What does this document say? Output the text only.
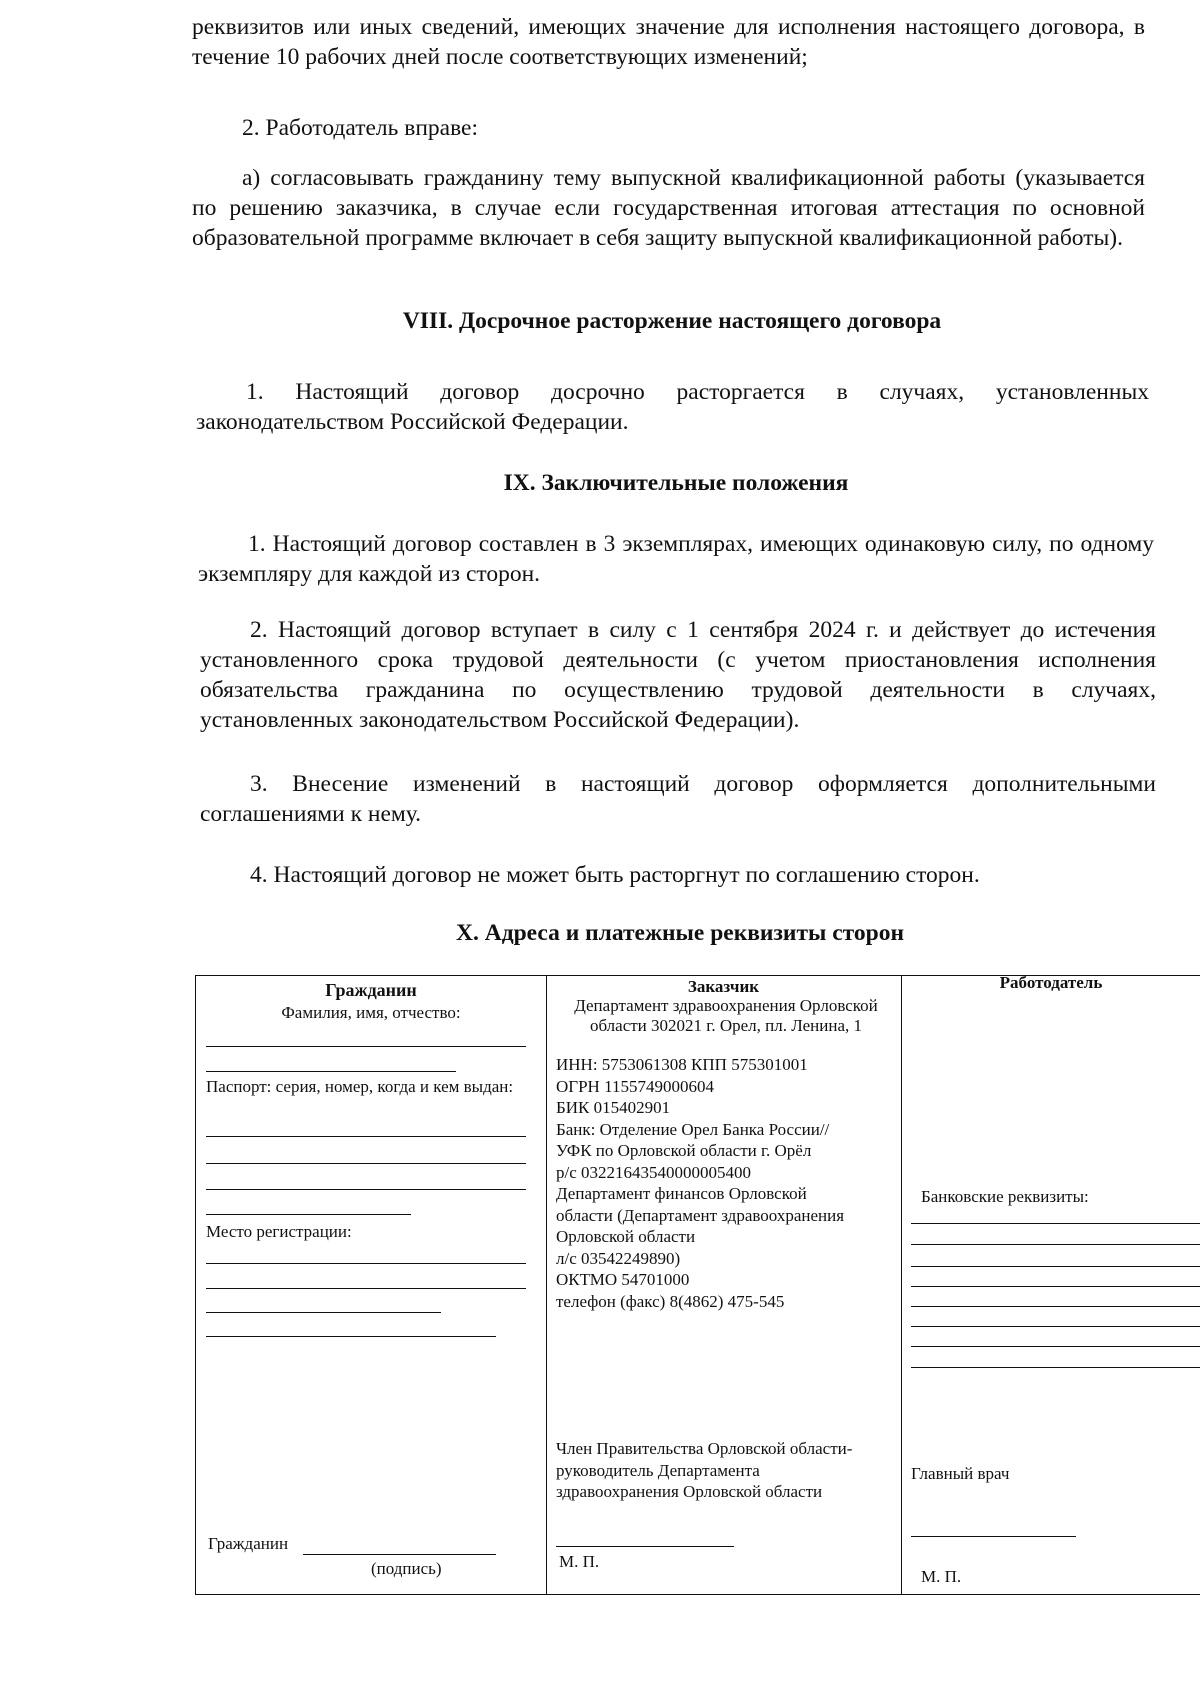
реквизитов или иных сведений, имеющих значение для исполнения настоящего договора, в течение 10 рабочих дней после соответствующих изменений;

2. Работодатель вправе:

а) согласовывать гражданину тему выпускной квалификационной работы (указывается по решению заказчика, в случае если государственная итоговая аттестация по основной образовательной программе включает в себя защиту выпускной квалификационной работы).

VIII. Досрочное расторжение настоящего договора

1. Настоящий договор досрочно расторгается в случаях, установленных законодательством Российской Федерации.

IX. Заключительные положения

1. Настоящий договор составлен в 3 экземплярах, имеющих одинаковую силу, по одному экземпляру для каждой из сторон.

2. Настоящий договор вступает в силу с 1 сентября 2024 г. и действует до истечения установленного срока трудовой деятельности (с учетом приостановления исполнения обязательства гражданина по осуществлению трудовой деятельности в случаях, установленных законодательством Российской Федерации).

3. Внесение изменений в настоящий договор оформляется дополнительными соглашениями к нему.

4. Настоящий договор не может быть расторгнут по соглашению сторон.

X. Адреса и платежные реквизиты сторон
Гражданин
Фамилия, имя, отчество:
Паспорт: серия, номер, когда и кем выдан:
Место регистрации:
Гражданин
(подпись)
Заказчик
Департамент здравоохранения Орловской области 302021 г. Орел, пл. Ленина, 1
ИНН: 5753061308 КПП 575301001
ОГРН 1155749000604
БИК 015402901
Банк: Отделение Орел Банка России//
УФК по Орловской области г. Орёл
р/с 03221643540000005400
Департамент финансов Орловской
области (Департамент здравоохранения
Орловской области
л/с 03542249890)
ОКТМО 54701000
телефон (факс) 8(4862) 475-545
Член Правительства Орловской области-
руководитель Департамента
здравоохранения Орловской области
М. П.
Работодатель
Банковские реквизиты:
Главный врач
М. П.
